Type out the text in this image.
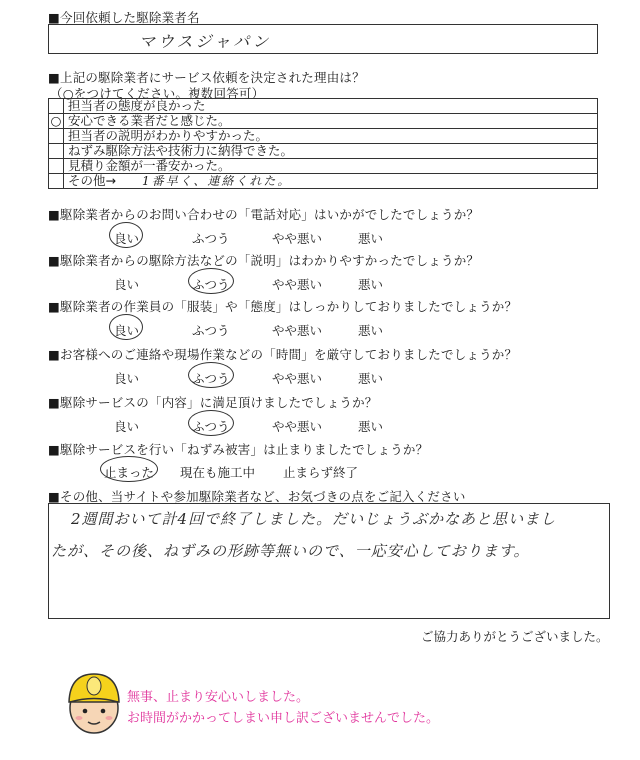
■今回依頼した駆除業者名
マウスジャパン
■上記の駆除業者にサービス依頼を決定された理由は？
（○をつけてください。複数回答可）
	担当者の態度が良かった
○	安心できる業者だと感じた。
	担当者の説明がわかりやすかった。
	ねずみ駆除方法や技術力に納得できた。
	見積り金額が一番安かった。
	その他→ 1番早く、連絡くれた。
■駆除業者からのお問い合わせの「電話対応」はいかがでしたでしょうか？
良い	ふつう	やや悪い	悪い
■駆除業者からの駆除方法などの「説明」はわかりやすかったでしょうか？
良い	ふつう	やや悪い	悪い
■駆除業者の作業員の「服装」や「態度」はしっかりしておりましたでしょうか？
良い	ふつう	やや悪い	悪い
■お客様へのご連絡や現場作業などの「時間」を厳守しておりましたでしょうか？
良い	ふつう	やや悪い	悪い
■駆除サービスの「内容」に満足頂けましたでしょうか？
良い	ふつう	やや悪い	悪い
■駆除サービスを行い「ねずみ被害」は止まりましたでしょうか？
止まった 現在も施工中 止まらず終了
■その他、当サイトや参加駆除業者など、お気づきの点をご記入ください
2週間おいて計4回で終了しました。だいじょうぶかなあと思いまし
たが、その後、ねずみの形跡等無いので、一応安心しております。
ご協力ありがとうございました。
無事、止まり安心いしました。
お時間がかかってしまい申し訳ございませんでした。
